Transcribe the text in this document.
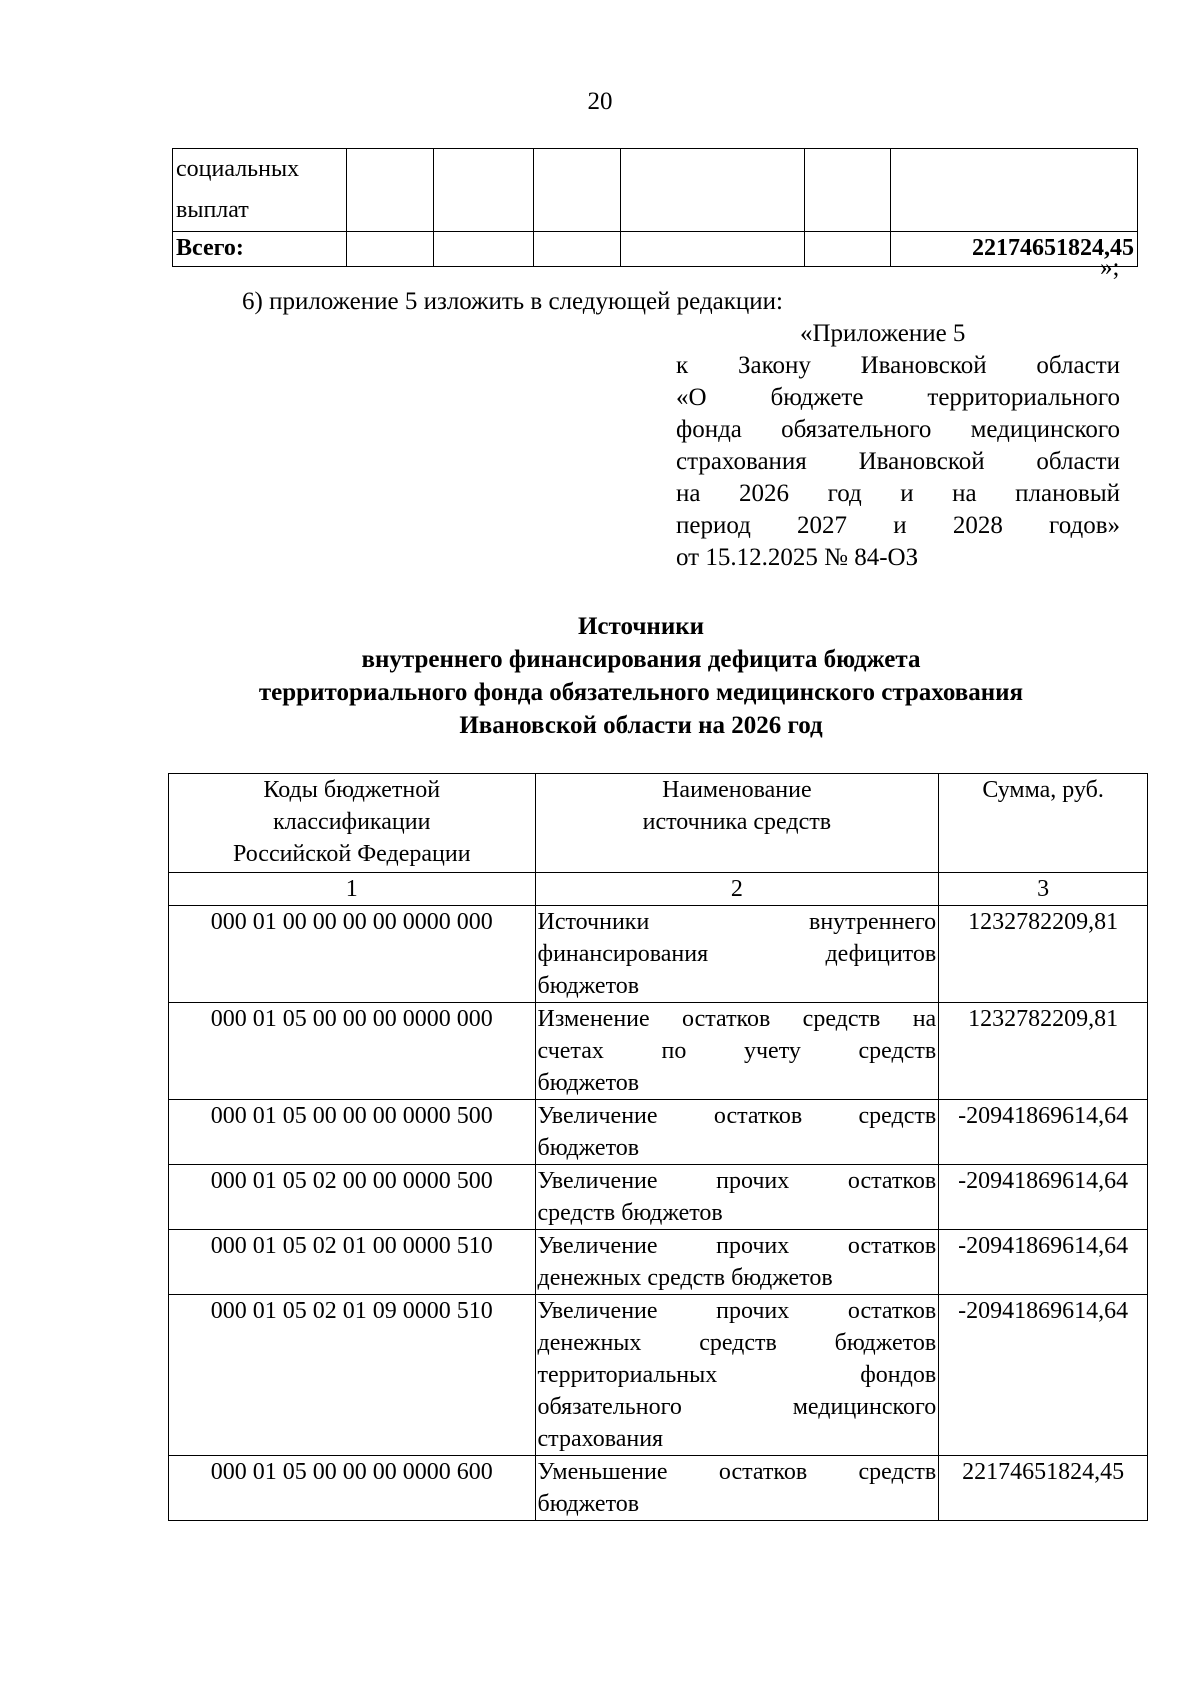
20
социальных
выплат						

Всего:						22174651824,45
»;
6) приложение 5 изложить в следующей редакции:
«Приложение 5
к Закону Ивановской области
«О бюджете территориального
фонда обязательного медицинского
страхования Ивановской области
на 2026 год и на плановый
период 2027 и 2028 годов»
от 15.12.2025 № 84-ОЗ
Источники
внутреннего финансирования дефицита бюджета
территориального фонда обязательного медицинского страхования
Ивановской области на 2026 год
Коды бюджетной
классификации
Российской Федерации	Наименование
источника средств	Сумма, руб.

1	2	3
000 01 00 00 00 00 0000 000	Источники внутреннего
финансирования дефицитов
бюджетов	1232782209,81
000 01 05 00 00 00 0000 000	Изменение остатков средств на
счетах по учету средств
бюджетов	1232782209,81
000 01 05 00 00 00 0000 500	Увеличение остатков средств
бюджетов	-20941869614,64
000 01 05 02 00 00 0000 500	Увеличение прочих остатков
средств бюджетов	-20941869614,64
000 01 05 02 01 00 0000 510	Увеличение прочих остатков
денежных средств бюджетов	-20941869614,64
000 01 05 02 01 09 0000 510	Увеличение прочих остатков
денежных средств бюджетов
территориальных фондов
обязательного медицинского
страхования	-20941869614,64
000 01 05 00 00 00 0000 600	Уменьшение остатков средств
бюджетов	22174651824,45
